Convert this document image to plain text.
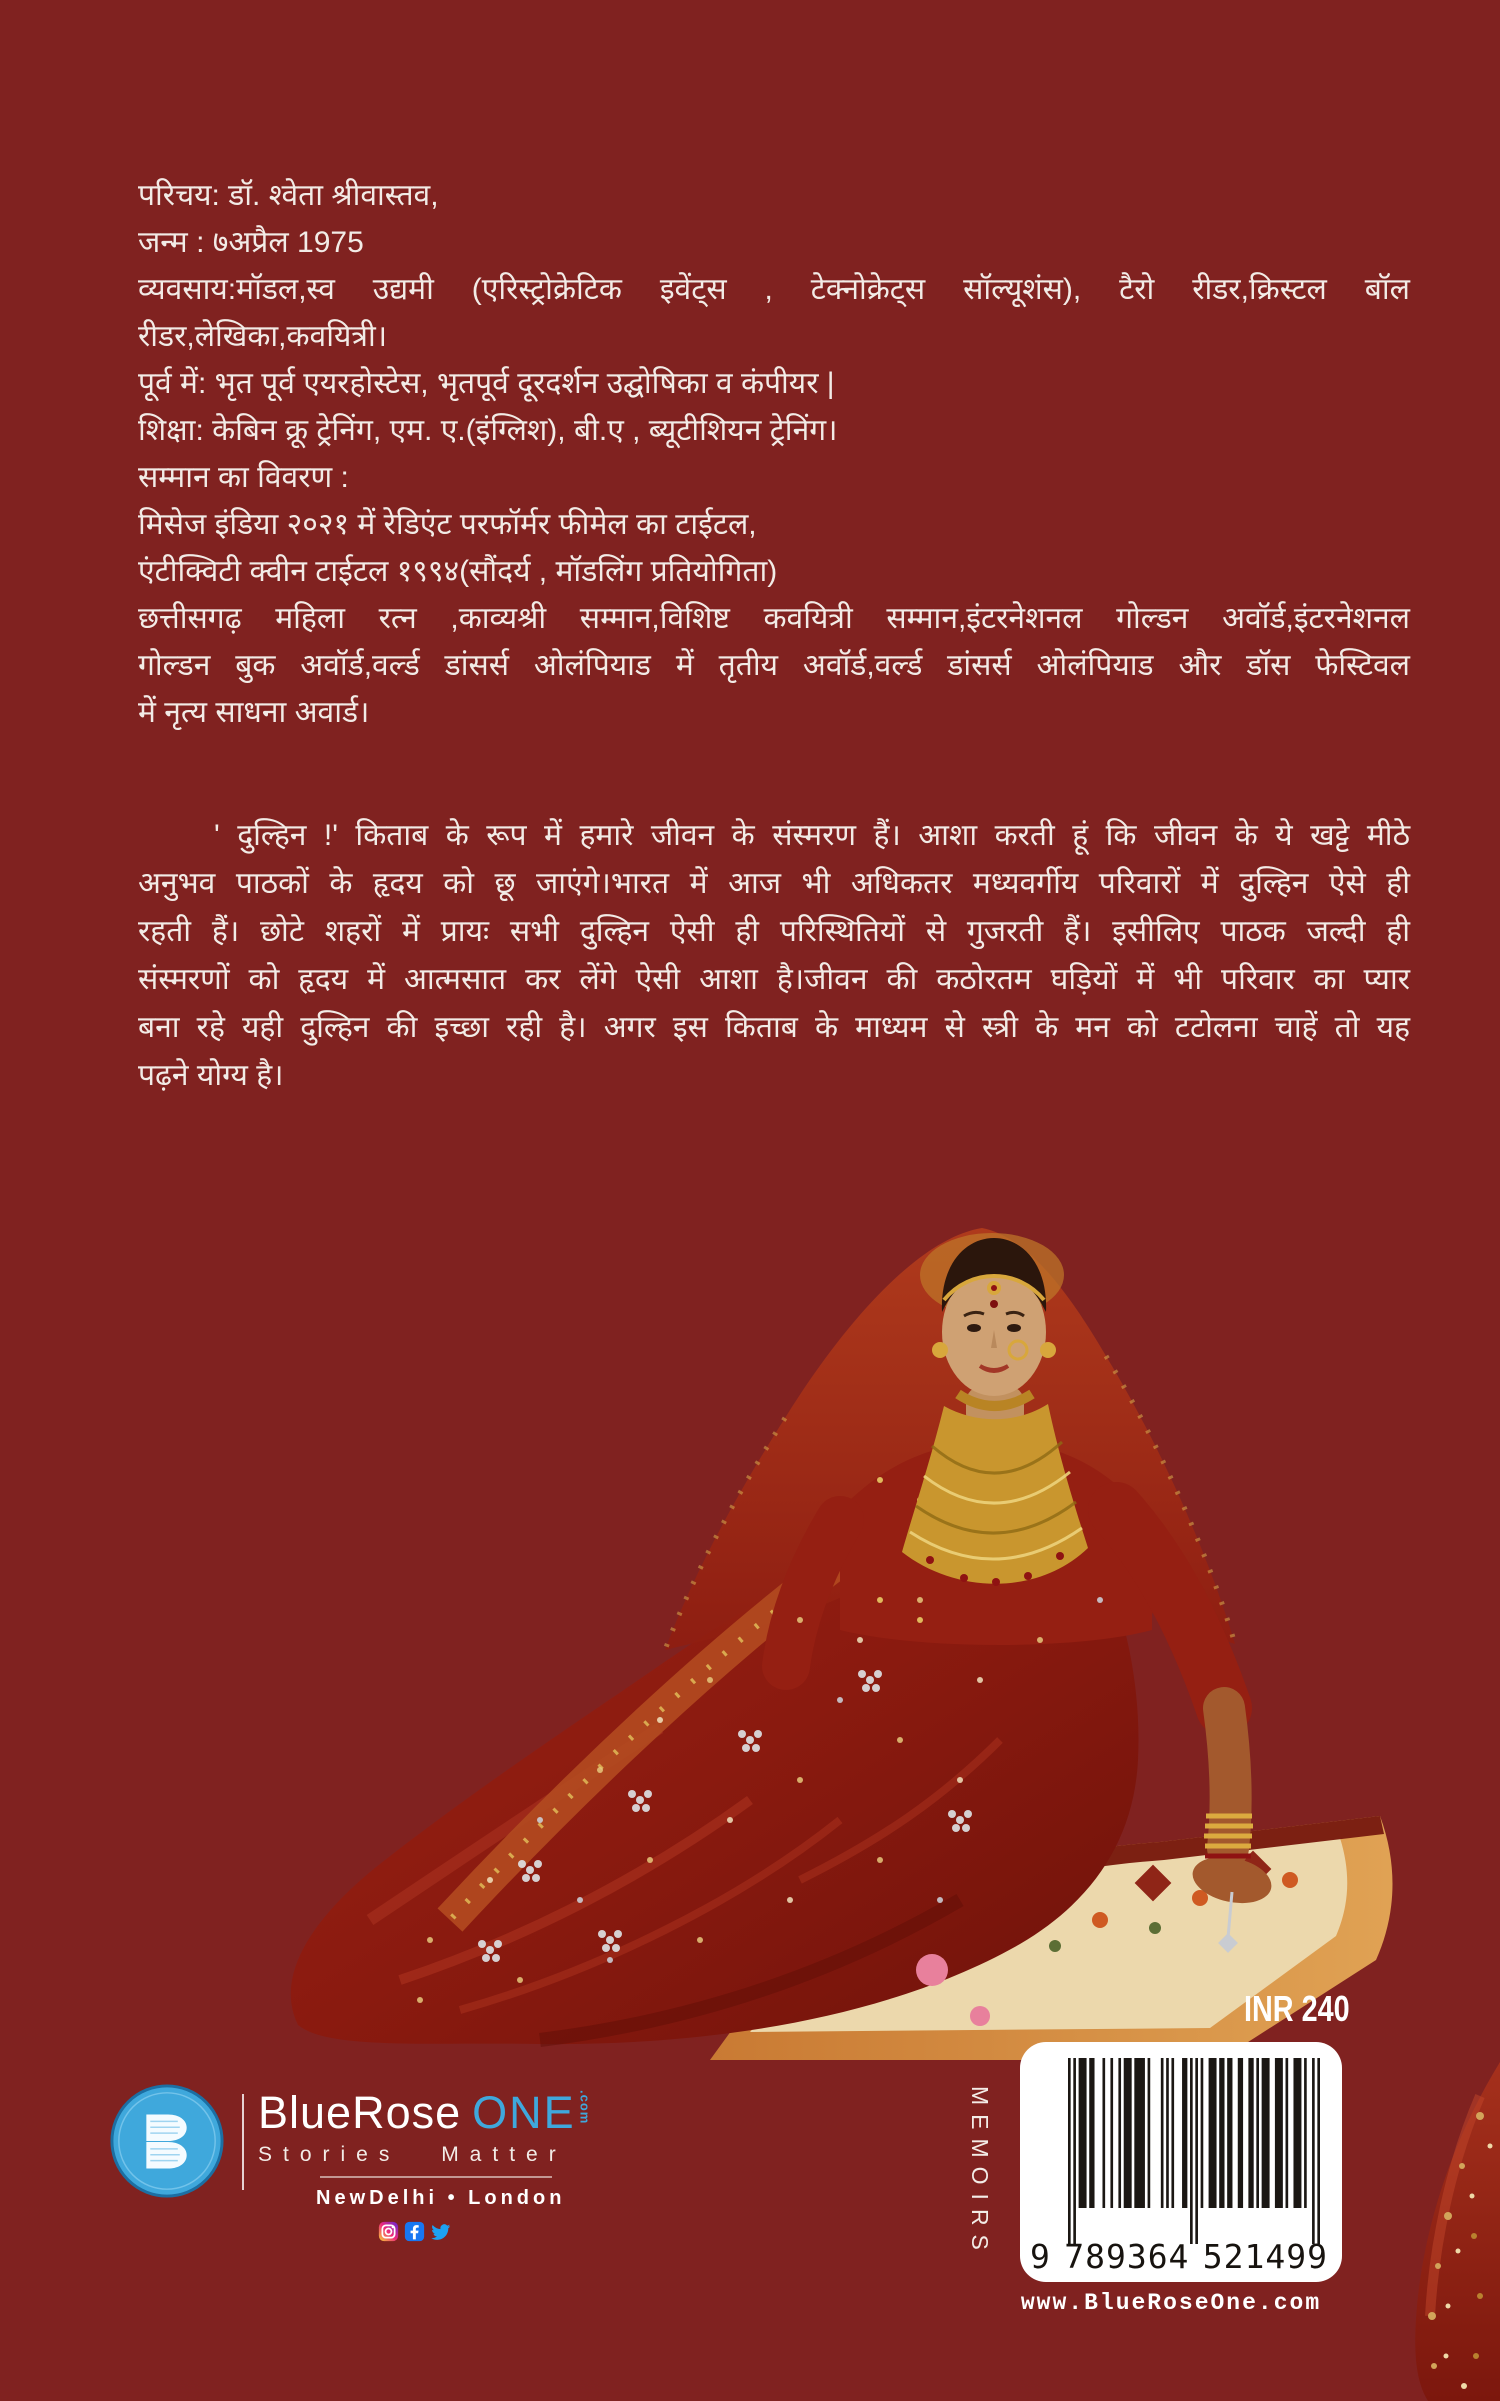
परिचय: डॉ. श्वेता श्रीवास्तव,
जन्म : ७अप्रैल 1975
व्यवसाय:मॉडल,स्व उद्यमी (एरिस्ट्रोक्रेटिक इवेंट्स , टेक्नोक्रेट्स सॉल्यूशंस), टैरो रीडर,क्रिस्टल बॉल
रीडर,लेखिका,कवयित्री।
पूर्व में: भृत पूर्व एयरहोस्टेस, भृतपूर्व दूरदर्शन उद्घोषिका व कंपीयर |
शिक्षा: केबिन क्रू ट्रेनिंग, एम. ए.(इंग्लिश), बी.ए , ब्यूटीशियन ट्रेनिंग।
सम्मान का विवरण :
मिसेज इंडिया २०२१ में रेडिएंट परफॉर्मर फीमेल का टाईटल,
एंटीक्विटी क्वीन टाईटल १९९४(सौंदर्य , मॉडलिंग प्रतियोगिता)
छत्तीसगढ़ महिला रत्न ,काव्यश्री सम्मान,विशिष्ट कवयित्री सम्मान,इंटरनेशनल गोल्डन अवॉर्ड,इंटरनेशनल
गोल्डन बुक अवॉर्ड,वर्ल्ड डांसर्स ओलंपियाड में तृतीय अवॉर्ड,वर्ल्ड डांसर्स ओलंपियाड और डॉस फेस्टिवल
में नृत्य साधना अवार्ड।
' दुल्हिन !' किताब के रूप में हमारे जीवन के संस्मरण हैं। आशा करती हूं कि जीवन के ये खट्टे मीठे
अनुभव पाठकों के हृदय को छू जाएंगे।भारत में आज भी अधिकतर मध्यवर्गीय परिवारों में दुल्हिन ऐसे ही
रहती हैं। छोटे शहरों में प्रायः सभी दुल्हिन ऐसी ही परिस्थितियों से गुजरती हैं। इसीलिए पाठक जल्दी ही
संस्मरणों को हृदय में आत्मसात कर लेंगे ऐसी आशा है।जीवन की कठोरतम घड़ियों में भी परिवार का प्यार
बना रहे यही दुल्हिन की इच्छा रही है। अगर इस किताब के माध्यम से स्त्री के मन को टटोलना चाहें तो यह
पढ़ने योग्य है।
BlueRose ONE .com
Stories Matter
NewDelhi • London
INR 240
MEMOIRS 9 789364 521499
www.BlueRoseOne.com
